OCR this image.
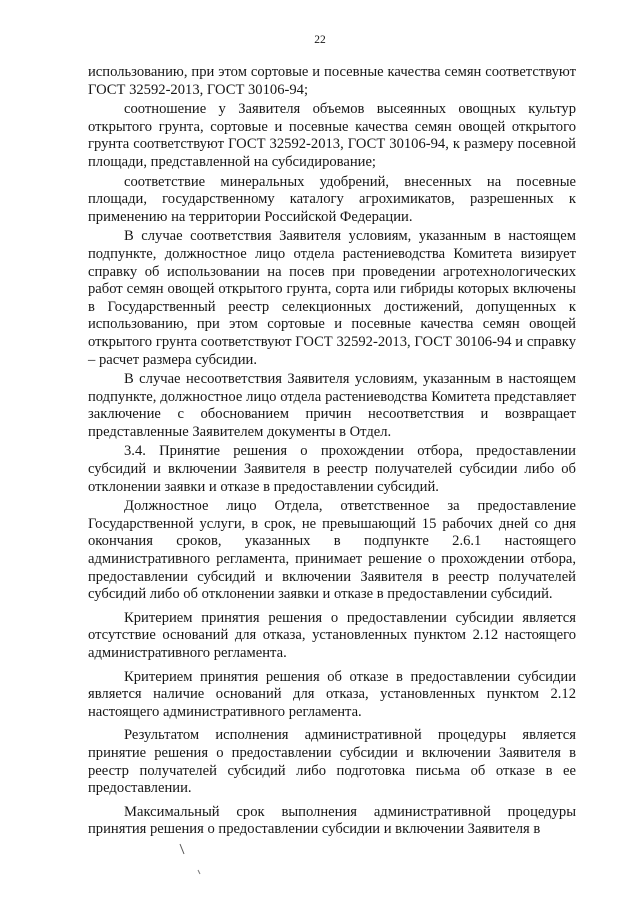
22

использованию, при этом сортовые и посевные качества семян соответствуют ГОСТ 32592-2013, ГОСТ 30106-94;

соотношение у Заявителя объемов высеянных овощных культур открытого грунта, сортовые и посевные качества семян овощей открытого грунта соответствуют ГОСТ 32592-2013, ГОСТ 30106-94, к размеру посевной площади, представленной на субсидирование;

соответствие минеральных удобрений, внесенных на посевные площади, государственному каталогу агрохимикатов, разрешенных к применению на территории Российской Федерации.

В случае соответствия Заявителя условиям, указанным в настоящем подпункте, должностное лицо отдела растениеводства Комитета визирует справку об использовании на посев при проведении агротехнологических работ семян овощей открытого грунта, сорта или гибриды которых включены в Государственный реестр селекционных достижений, допущенных к использованию, при этом сортовые и посевные качества семян овощей открытого грунта соответствуют ГОСТ 32592-2013, ГОСТ 30106-94 и справку – расчет размера субсидии.

В случае несоответствия Заявителя условиям, указанным в настоящем подпункте, должностное лицо отдела растениеводства Комитета представляет заключение с обоснованием причин несоответствия и возвращает представленные Заявителем документы в Отдел.

3.4. Принятие решения о прохождении отбора, предоставлении субсидий и включении Заявителя в реестр получателей субсидии либо об отклонении заявки и отказе в предоставлении субсидий.

Должностное лицо Отдела, ответственное за предоставление Государственной услуги, в срок, не превышающий 15 рабочих дней со дня окончания сроков, указанных в подпункте 2.6.1 настоящего административного регламента, принимает решение о прохождении отбора, предоставлении субсидий и включении Заявителя в реестр получателей субсидий либо об отклонении заявки и отказе в предоставлении субсидий.

Критерием принятия решения о предоставлении субсидии является отсутствие оснований для отказа, установленных пунктом 2.12 настоящего административного регламента.

Критерием принятия решения об отказе в предоставлении субсидии является наличие оснований для отказа, установленных пунктом 2.12 настоящего административного регламента.

Результатом исполнения административной процедуры является принятие решения о предоставлении субсидии и включении Заявителя в реестр получателей субсидий либо подготовка письма об отказе в ее предоставлении.

Максимальный срок выполнения административной процедуры принятия решения о предоставлении субсидии и включении Заявителя в
